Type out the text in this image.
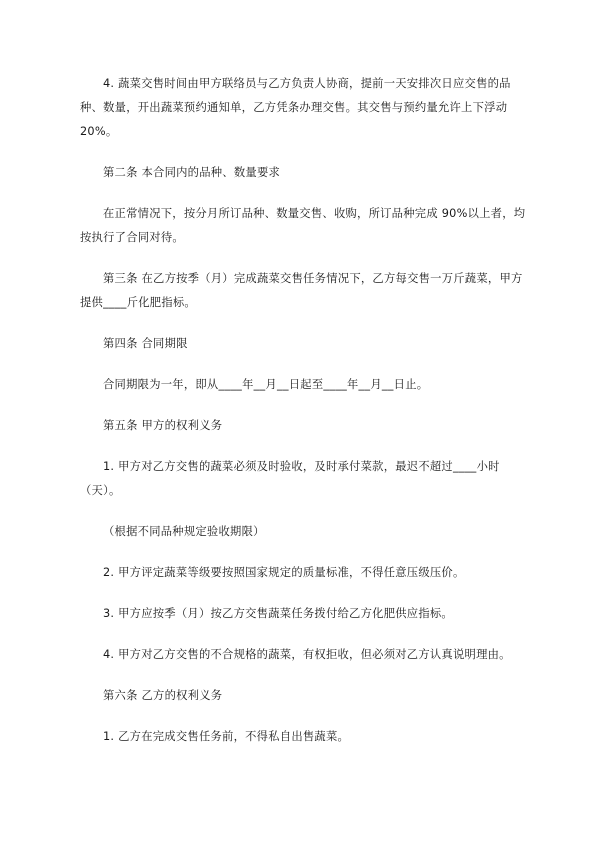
4. 蔬菜交售时间由甲方联络员与乙方负责人协商，提前一天安排次日应交售的品种、数量，开出蔬菜预约通知单，乙方凭条办理交售。其交售与预约量允许上下浮动 20%。

第二条 本合同内的品种、数量要求

在正常情况下，按分月所订品种、数量交售、收购，所订品种完成 90%以上者，均按执行了合同对待。

第三条 在乙方按季（月）完成蔬菜交售任务情况下，乙方每交售一万斤蔬菜，甲方提供____斤化肥指标。

第四条 合同期限

合同期限为一年，即从____年__月__日起至____年__月__日止。

第五条 甲方的权利义务

1. 甲方对乙方交售的蔬菜必须及时验收，及时承付菜款，最迟不超过____小时（天）。

（根据不同品种规定验收期限）

2. 甲方评定蔬菜等级要按照国家规定的质量标准，不得任意压级压价。

3. 甲方应按季（月）按乙方交售蔬菜任务拨付给乙方化肥供应指标。

4. 甲方对乙方交售的不合规格的蔬菜，有权拒收，但必须对乙方认真说明理由。

第六条 乙方的权利义务

1. 乙方在完成交售任务前，不得私自出售蔬菜。
